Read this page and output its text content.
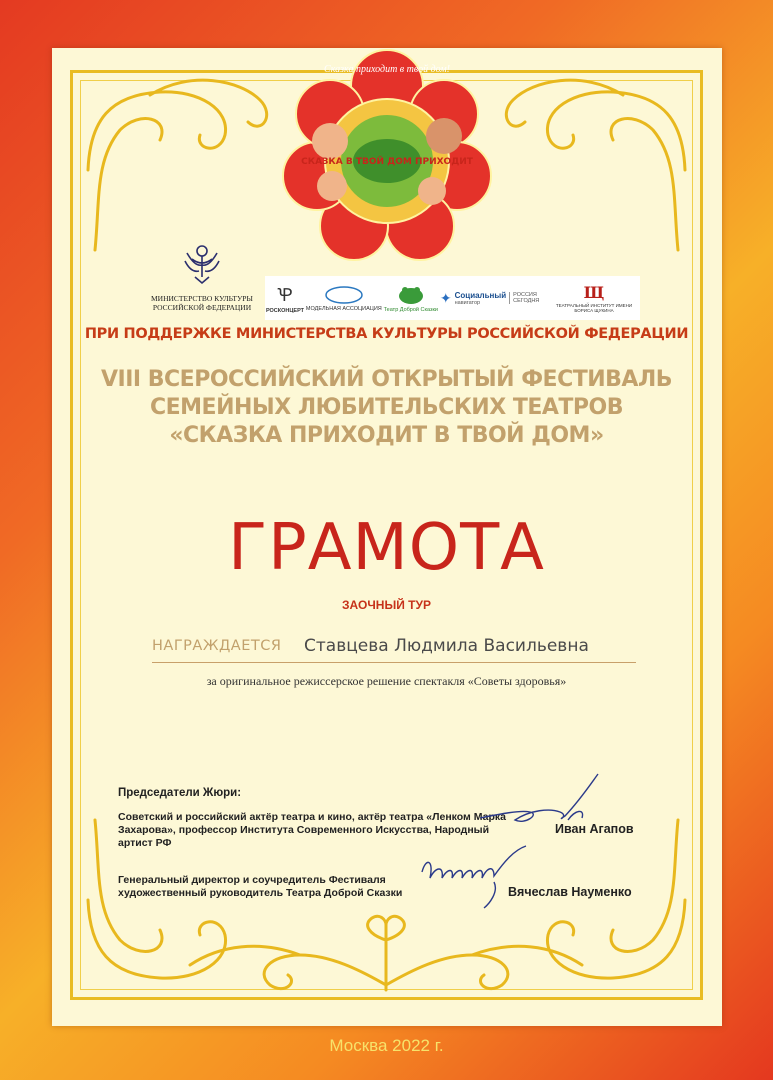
Сказка приходит в твой дом!
СКАЗКА В ТВОЙ ДОМ ПРИХОДИТ
МИНИСТЕРСТВО КУЛЬТУРЫ
РОССИЙСКОЙ ФЕДЕРАЦИИ
Ꝕ
РОСКОНЦЕРТ МОДЕЛЬНАЯ АССОЦИАЦИЯ Театр Доброй Сказки
✦ Социальный
навигатор
РОССИЯ СЕГОДНЯ	Щ
ТЕАТРАЛЬНЫЙ ИНСТИТУТ ИМЕНИ БОРИСА ЩУКИНА
ПРИ ПОДДЕРЖКЕ МИНИСТЕРСТВА КУЛЬТУРЫ РОССИЙСКОЙ ФЕДЕРАЦИИ
VIII ВСЕРОССИЙСКИЙ ОТКРЫТЫЙ ФЕСТИВАЛЬ
СЕМЕЙНЫХ ЛЮБИТЕЛЬСКИХ ТЕАТРОВ
«СКАЗКА ПРИХОДИТ В ТВОЙ ДОМ»
ГРАМОТА
ЗАОЧНЫЙ ТУР
НАГРАЖДАЕТСЯ Ставцева Людмила Васильевна
за оригинальное режиссерское решение спектакля «Советы здоровья»
Председатели Жюри:
Советский и российский актёр театра и кино, актёр театра «Ленком Марка Захарова», профессор Института Современного Искусства, Народный артист РФ
Иван Агапов
Генеральный директор и соучредитель Фестиваля художественный руководитель Театра Доброй Сказки	Вячеслав Науменко
Москва 2022 г.
